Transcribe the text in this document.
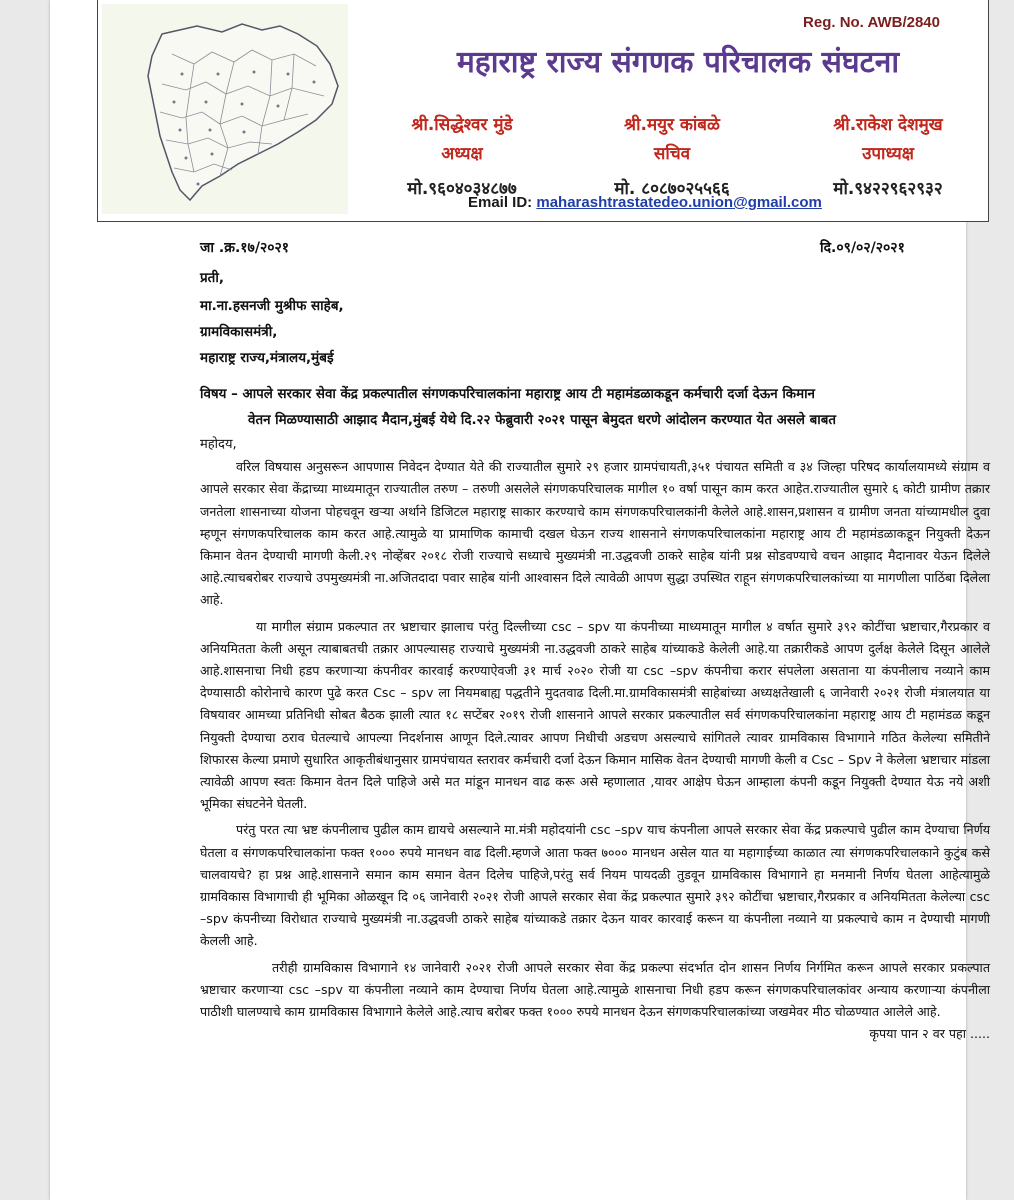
Reg. No. AWB/2840
महाराष्ट्र राज्य संगणक परिचालक संघटना
श्री.सिद्धेश्वर मुंडे
अध्यक्ष
मो.९६०४०३४८७७
श्री.मयुर कांबळे
सचिव
मो. ८०८७०२५५६६
श्री.राकेश देशमुख
उपाध्यक्ष
मो.९४२२९६२९३२
Email ID: maharashtrastatedeo.union@gmail.com
जा .क्र.१७/२०२१	दि.०९/०२/२०२१
प्रती,
मा.ना.हसनजी मुश्रीफ साहेब,
ग्रामविकासमंत्री,
महाराष्ट्र राज्य,मंत्रालय,मुंबई
विषय – आपले सरकार सेवा केंद्र प्रकल्पातील संगणकपरिचालकांना महाराष्ट्र आय टी महामंडळाकडून कर्मचारी दर्जा देऊन किमान
वेतन मिळण्यासाठी आझाद मैदान,मुंबई येथे दि.२२ फेब्रुवारी २०२१ पासून बेमुदत धरणे आंदोलन करण्यात येत असले बाबत
महोदय,

वरिल विषयास अनुसरून आपणास निवेदन देण्यात येते की राज्यातील सुमारे २९ हजार ग्रामपंचायती,३५१ पंचायत समिती व ३४ जिल्हा परिषद कार्यालयामध्ये संग्राम व आपले सरकार सेवा केंद्राच्या माध्यमातून राज्यातील तरुण – तरुणी असलेले संगणकपरिचालक मागील १० वर्षा पासून काम करत आहेत.राज्यातील सुमारे ६ कोटी ग्रामीण तक्रार जनतेला शासनाच्या योजना पोहचवून खऱ्या अर्थाने डिजिटल महाराष्ट्र साकार करण्याचे काम संगणकपरिचालकांनी केलेले आहे.शासन,प्रशासन व ग्रामीण जनता यांच्यामधील दुवा म्हणून संगणकपरिचालक काम करत आहे.त्यामुळे या प्रामाणिक कामाची दखल घेऊन राज्य शासनाने संगणकपरिचालकांना महाराष्ट्र आय टी महामंडळाकडून नियुक्ती देऊन किमान वेतन देण्याची मागणी केली.२९ नोव्हेंबर २०१८ रोजी राज्याचे सध्याचे मुख्यमंत्री ना.उद्धवजी ठाकरे साहेब यांनी प्रश्न सोडवण्याचे वचन आझाद मैदानावर येऊन दिलेले आहे.त्याचबरोबर राज्याचे उपमुख्यमंत्री ना.अजितदादा पवार साहेब यांनी आश्वासन दिले त्यावेळी आपण सुद्धा उपस्थित राहून संगणकपरिचालकांच्या या मागणीला पाठिंबा दिलेला आहे.

या मागील संग्राम प्रकल्पात तर भ्रष्टाचार झालाच परंतु दिल्लीच्या csc – spv या कंपनीच्या माध्यमातून मागील ४ वर्षात सुमारे ३९२ कोटींचा भ्रष्टाचार,गैरप्रकार व अनियमितता केली असून त्याबाबतची तक्रार आपल्यासह राज्याचे मुख्यमंत्री ना.उद्धवजी ठाकरे साहेब यांच्याकडे केलेली आहे.या तक्रारीकडे आपण दुर्लक्ष केलेले दिसून आलेले आहे.शासनाचा निधी हडप करणाऱ्या कंपनीवर कारवाई करण्याऐवजी ३१ मार्च २०२० रोजी या csc –spv कंपनीचा करार संपलेला असताना या कंपनीलाच नव्याने काम देण्यासाठी कोरोनाचे कारण पुढे करत Csc – spv ला नियमबाह्य पद्धतीने मुदतवाढ दिली.मा.ग्रामविकासमंत्री साहेबांच्या अध्यक्षतेखाली ६ जानेवारी २०२१ रोजी मंत्रालयात या विषयावर आमच्या प्रतिनिधी सोबत बैठक झाली त्यात १८ सप्टेंबर २०१९ रोजी शासनाने आपले सरकार प्रकल्पातील सर्व संगणकपरिचालकांना महाराष्ट्र आय टी महामंडळ कडून नियुक्ती देण्याचा ठराव घेतल्याचे आपल्या निदर्शनास आणून दिले.त्यावर आपण निधीची अडचण असल्याचे सांगितले त्यावर ग्रामविकास विभागाने गठित केलेल्या समितीने शिफारस केल्या प्रमाणे सुधारित आकृतीबंधानुसार ग्रामपंचायत स्तरावर कर्मचारी दर्जा देऊन किमान मासिक वेतन देण्याची मागणी केली व Csc – Spv ने केलेला भ्रष्टाचार मांडला त्यावेळी आपण स्वतः किमान वेतन दिले पाहिजे असे मत मांडून मानधन वाढ करू असे म्हणालात ,यावर आक्षेप घेऊन आम्हाला कंपनी कडून नियुक्ती देण्यात येऊ नये अशी भूमिका संघटनेने घेतली.

परंतु परत त्या भ्रष्ट कंपनीलाच पुढील काम द्यायचे असल्याने मा.मंत्री महोदयांनी csc –spv याच कंपनीला आपले सरकार सेवा केंद्र प्रकल्पाचे पुढील काम देण्याचा निर्णय घेतला व संगणकपरिचालकांना फक्त १००० रुपये मानधन वाढ दिली.म्हणजे आता फक्त ७००० मानधन असेल यात या महागाईच्या काळात त्या संगणकपरिचालकाने कुटुंब कसे चालवायचे? हा प्रश्न आहे.शासनाने समान काम समान वेतन दिलेच पाहिजे,परंतु सर्व नियम पायदळी तुडवून ग्रामविकास विभागाने हा मनमानी निर्णय घेतला आहेत्यामुळे ग्रामविकास विभागाची ही भूमिका ओळखून दि ०६ जानेवारी २०२१ रोजी आपले सरकार सेवा केंद्र प्रकल्पात सुमारे ३९२ कोटींचा भ्रष्टाचार,गैरप्रकार व अनियमितता केलेल्या csc –spv कंपनीच्या विरोधात राज्याचे मुख्यमंत्री ना.उद्धवजी ठाकरे साहेब यांच्याकडे तक्रार देऊन यावर कारवाई करून या कंपनीला नव्याने या प्रकल्पाचे काम न देण्याची मागणी केलली आहे.

तरीही ग्रामविकास विभागाने १४ जानेवारी २०२१ रोजी आपले सरकार सेवा केंद्र प्रकल्पा संदर्भात दोन शासन निर्णय निर्गमित करून आपले सरकार प्रकल्पात भ्रष्टाचार करणाऱ्या csc –spv या कंपनीला नव्याने काम देण्याचा निर्णय घेतला आहे.त्यामुळे शासनाचा निधी हडप करून संगणकपरिचालकांवर अन्याय करणाऱ्या कंपनीला पाठीशी घालण्याचे काम ग्रामविकास विभागाने केलेले आहे.त्याच बरोबर फक्त १००० रुपये मानधन देऊन संगणकपरिचालकांच्या जखमेवर मीठ चोळण्यात आलेले आहे.
कृपया पान २ वर पहा .....
